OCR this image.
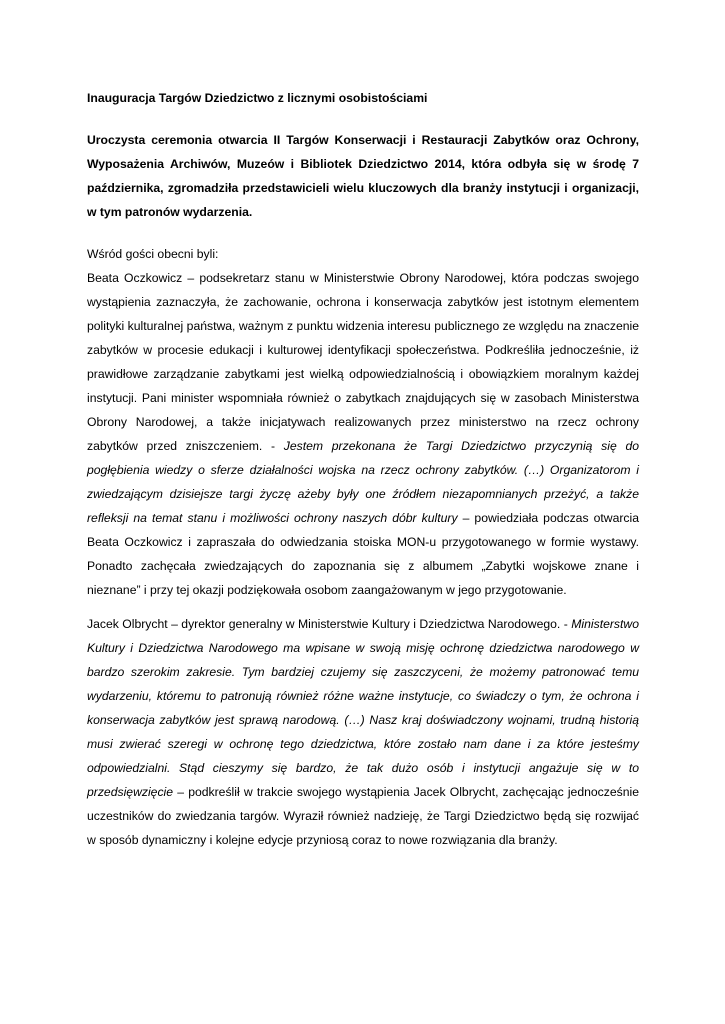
Inauguracja Targów Dziedzictwo z licznymi osobistościami

Uroczysta ceremonia otwarcia II Targów Konserwacji i Restauracji Zabytków oraz Ochrony, Wyposażenia Archiwów, Muzeów i Bibliotek Dziedzictwo 2014, która odbyła się w środę 7 października, zgromadziła przedstawicieli wielu kluczowych dla branży instytucji i organizacji, w tym patronów wydarzenia.

Wśród gości obecni byli:

Beata Oczkowicz – podsekretarz stanu w Ministerstwie Obrony Narodowej, która podczas swojego wystąpienia zaznaczyła, że zachowanie, ochrona i konserwacja zabytków jest istotnym elementem polityki kulturalnej państwa, ważnym z punktu widzenia interesu publicznego ze względu na znaczenie zabytków w procesie edukacji i kulturowej identyfikacji społeczeństwa. Podkreśliła jednocześnie, iż prawidłowe zarządzanie zabytkami jest wielką odpowiedzialnością i obowiązkiem moralnym każdej instytucji. Pani minister wspomniała również o zabytkach znajdujących się w zasobach Ministerstwa Obrony Narodowej, a także inicjatywach realizowanych przez ministerstwo na rzecz ochrony zabytków przed zniszczeniem. - Jestem przekonana że Targi Dziedzictwo przyczynią się do pogłębienia wiedzy o sferze działalności wojska na rzecz ochrony zabytków. (…) Organizatorom i zwiedzającym dzisiejsze targi życzę ażeby były one źródłem niezapomnianych przeżyć, a także refleksji na temat stanu i możliwości ochrony naszych dóbr kultury – powiedziała podczas otwarcia Beata Oczkowicz i zapraszała do odwiedzania stoiska MON-u przygotowanego w formie wystawy. Ponadto zachęcała zwiedzających do zapoznania się z albumem „Zabytki wojskowe znane i nieznane” i przy tej okazji podziękowała osobom zaangażowanym w jego przygotowanie.

Jacek Olbrycht – dyrektor generalny w Ministerstwie Kultury i Dziedzictwa Narodowego. - Ministerstwo Kultury i Dziedzictwa Narodowego ma wpisane w swoją misję ochronę dziedzictwa narodowego w bardzo szerokim zakresie. Tym bardziej czujemy się zaszczyceni, że możemy patronować temu wydarzeniu, któremu to patronują również różne ważne instytucje, co świadczy o tym, że ochrona i konserwacja zabytków jest sprawą narodową. (…) Nasz kraj doświadczony wojnami, trudną historią musi zwierać szeregi w ochronę tego dziedzictwa, które zostało nam dane i za które jesteśmy odpowiedzialni. Stąd cieszymy się bardzo, że tak dużo osób i instytucji angażuje się w to przedsięwzięcie – podkreślił w trakcie swojego wystąpienia Jacek Olbrycht, zachęcając jednocześnie uczestników do zwiedzania targów. Wyraził również nadzieję, że Targi Dziedzictwo będą się rozwijać w sposób dynamiczny i kolejne edycje przyniosą coraz to nowe rozwiązania dla branży.
